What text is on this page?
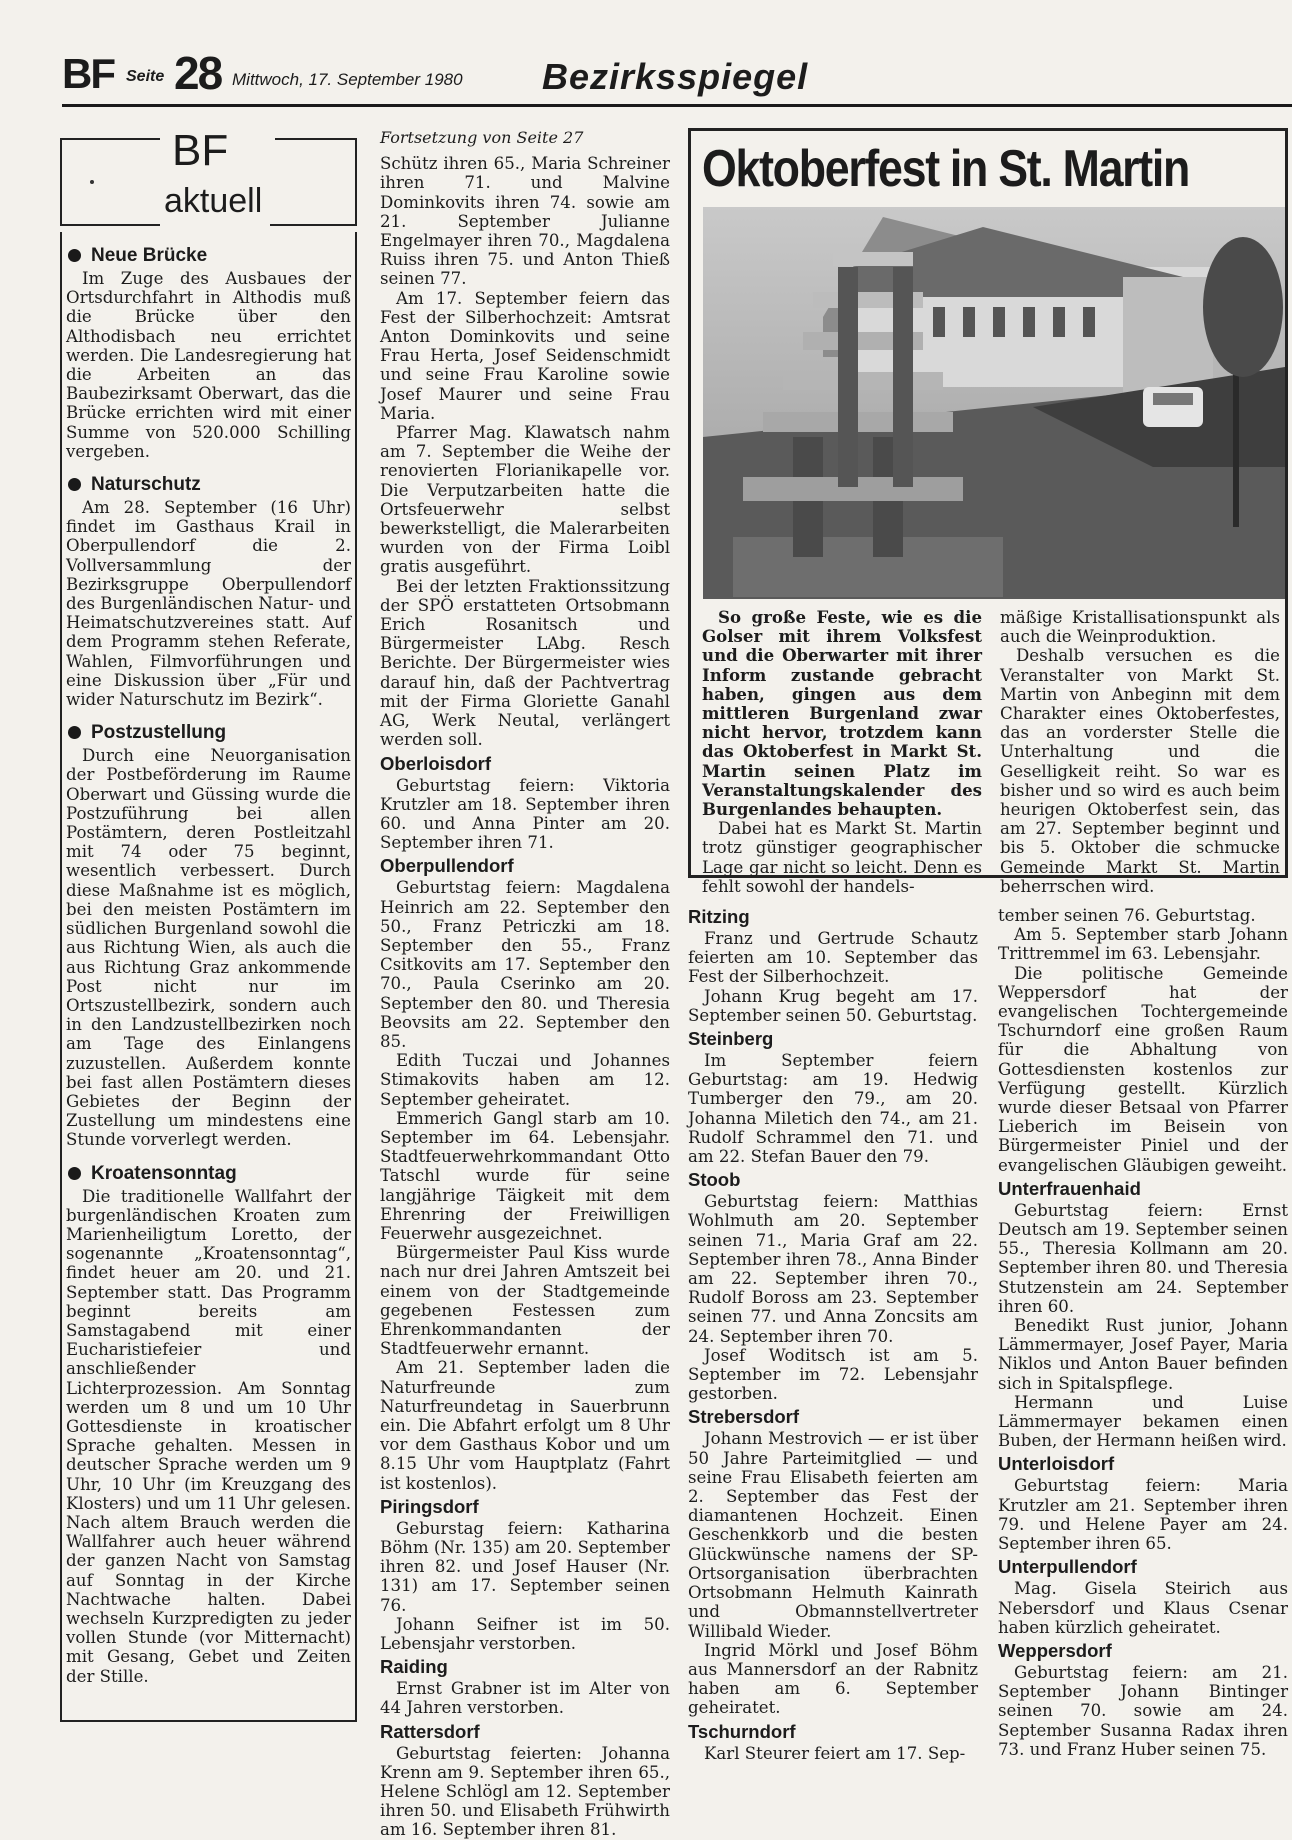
BF Seite 28 Mittwoch, 17. September 1980 Bezirksspiegel
BF
aktuell
Neue Brücke

Im Zuge des Ausbaues der Ortsdurchfahrt in Althodis muß die Brücke über den Althodisbach neu errichtet werden. Die Landesregierung hat die Arbeiten an das Baubezirksamt Oberwart, das die Brücke errichten wird mit einer Summe von 520.000 Schilling vergeben.

Naturschutz

Am 28. September (16 Uhr) findet im Gasthaus Krail in Oberpullendorf die 2. Vollversammlung der Bezirksgruppe Oberpullendorf des Burgenländischen Natur- und Heimatschutzvereines statt. Auf dem Programm stehen Referate, Wahlen, Filmvorführungen und eine Diskussion über „Für und wider Naturschutz im Bezirk“.

Postzustellung

Durch eine Neuorganisation der Postbeförderung im Raume Oberwart und Güssing wurde die Postzuführung bei allen Postämtern, deren Postleitzahl mit 74 oder 75 beginnt, wesentlich verbessert. Durch diese Maßnahme ist es möglich, bei den meisten Postämtern im südlichen Burgenland sowohl die aus Richtung Wien, als auch die aus Richtung Graz ankommende Post nicht nur im Ortszustellbezirk, sondern auch in den Landzustellbezirken noch am Tage des Einlangens zuzustellen. Außerdem konnte bei fast allen Postämtern dieses Gebietes der Beginn der Zustellung um mindestens eine Stunde vorverlegt werden.

Kroatensonntag

Die traditionelle Wallfahrt der burgenländischen Kroaten zum Marienheiligtum Loretto, der sogenannte „Kroatensonntag“, findet heuer am 20. und 21. September statt. Das Programm beginnt bereits am Samstagabend mit einer Eucharistiefeier und anschließender Lichterprozession. Am Sonntag werden um 8 und um 10 Uhr Gottesdienste in kroatischer Sprache gehalten. Messen in deutscher Sprache werden um 9 Uhr, 10 Uhr (im Kreuzgang des Klosters) und um 11 Uhr gelesen. Nach altem Brauch werden die Wallfahrer auch heuer während der ganzen Nacht von Samstag auf Sonntag in der Kirche Nachtwache halten. Dabei wechseln Kurzpredigten zu jeder vollen Stunde (vor Mitternacht) mit Gesang, Gebet und Zeiten der Stille.

Fortsetzung von Seite 27

Schütz ihren 65., Maria Schreiner ihren 71. und Malvine Dominkovits ihren 74. sowie am 21. September Julianne Engelmayer ihren 70., Magdalena Ruiss ihren 75. und Anton Thieß seinen 77.

Am 17. September feiern das Fest der Silberhochzeit: Amtsrat Anton Dominkovits und seine Frau Herta, Josef Seidenschmidt und seine Frau Karoline sowie Josef Maurer und seine Frau Maria.

Pfarrer Mag. Klawatsch nahm am 7. September die Weihe der renovierten Florianikapelle vor. Die Verputzarbeiten hatte die Ortsfeuerwehr selbst bewerkstelligt, die Malerarbeiten wurden von der Firma Loibl gratis ausgeführt.

Bei der letzten Fraktionssitzung der SPÖ erstatteten Ortsobmann Erich Rosanitsch und Bürgermeister LAbg. Resch Berichte. Der Bürgermeister wies darauf hin, daß der Pachtvertrag mit der Firma Gloriette Ganahl AG, Werk Neutal, verlängert werden soll.

Oberloisdorf

Geburtstag feiern: Viktoria Krutzler am 18. September ihren 60. und Anna Pinter am 20. September ihren 71.

Oberpullendorf

Geburtstag feiern: Magdalena Heinrich am 22. September den 50., Franz Petriczki am 18. September den 55., Franz Csitkovits am 17. September den 70., Paula Cserinko am 20. September den 80. und Theresia Beovsits am 22. September den 85.

Edith Tuczai und Johannes Stimakovits haben am 12. September geheiratet.

Emmerich Gangl starb am 10. September im 64. Lebensjahr. Stadtfeuerwehrkommandant Otto Tatschl wurde für seine langjährige Täigkeit mit dem Ehrenring der Freiwilligen Feuerwehr ausgezeichnet.

Bürgermeister Paul Kiss wurde nach nur drei Jahren Amtszeit bei einem von der Stadtgemeinde gegebenen Festessen zum Ehrenkommandanten der Stadtfeuerwehr ernannt.

Am 21. September laden die Naturfreunde zum Naturfreundetag in Sauerbrunn ein. Die Abfahrt erfolgt um 8 Uhr vor dem Gasthaus Kobor und um 8.15 Uhr vom Hauptplatz (Fahrt ist kostenlos).

Piringsdorf

Geburstag feiern: Katharina Böhm (Nr. 135) am 20. September ihren 82. und Josef Hauser (Nr. 131) am 17. September seinen 76.

Johann Seifner ist im 50. Lebensjahr verstorben.

Raiding

Ernst Grabner ist im Alter von 44 Jahren verstorben.

Rattersdorf

Geburtstag feierten: Johanna Krenn am 9. September ihren 65., Helene Schlögl am 12. September ihren 50. und Elisabeth Frühwirth am 16. September ihren 81.

Oktoberfest in St. Martin

So große Feste, wie es die Golser mit ihrem Volksfest und die Oberwarter mit ihrer Inform zustande gebracht haben, gingen aus dem mittleren Burgenland zwar nicht hervor, trotzdem kann das Oktoberfest in Markt St. Martin seinen Platz im Veranstaltungskalender des Burgenlandes behaupten.

Dabei hat es Markt St. Martin trotz günstiger geographischer Lage gar nicht so leicht. Denn es fehlt sowohl der handels-

mäßige Kristallisationspunkt als auch die Weinproduktion.

Deshalb versuchen es die Veranstalter von Markt St. Martin von Anbeginn mit dem Charakter eines Oktoberfestes, das an vorderster Stelle die Unterhaltung und die Geselligkeit reiht. So war es bisher und so wird es auch beim heurigen Oktoberfest sein, das am 27. September beginnt und bis 5. Oktober die schmucke Gemeinde Markt St. Martin beherrschen wird.

Ritzing

Franz und Gertrude Schautz feierten am 10. September das Fest der Silberhochzeit.

Johann Krug begeht am 17. September seinen 50. Geburtstag.

Steinberg

Im September feiern Geburtstag: am 19. Hedwig Tumberger den 79., am 20. Johanna Miletich den 74., am 21. Rudolf Schrammel den 71. und am 22. Stefan Bauer den 79.

Stoob

Geburtstag feiern: Matthias Wohlmuth am 20. September seinen 71., Maria Graf am 22. September ihren 78., Anna Binder am 22. September ihren 70., Rudolf Boross am 23. September seinen 77. und Anna Zoncsits am 24. September ihren 70.

Josef Woditsch ist am 5. September im 72. Lebensjahr gestorben.

Strebersdorf

Johann Mestrovich — er ist über 50 Jahre Parteimitglied — und seine Frau Elisabeth feierten am 2. September das Fest der diamantenen Hochzeit. Einen Geschenkkorb und die besten Glückwünsche namens der SP-Ortsorganisation überbrachten Ortsobmann Helmuth Kainrath und Obmannstellvertreter Willibald Wieder.

Ingrid Mörkl und Josef Böhm aus Mannersdorf an der Rabnitz haben am 6. September geheiratet.

Tschurndorf

Karl Steurer feiert am 17. Sep-

tember seinen 76. Geburtstag.

Am 5. September starb Johann Trittremmel im 63. Lebensjahr.

Die politische Gemeinde Weppersdorf hat der evangelischen Tochtergemeinde Tschurndorf eine großen Raum für die Abhaltung von Gottesdiensten kostenlos zur Verfügung gestellt. Kürzlich wurde dieser Betsaal von Pfarrer Lieberich im Beisein von Bürgermeister Piniel und der evangelischen Gläubigen geweiht.

Unterfrauenhaid

Geburtstag feiern: Ernst Deutsch am 19. September seinen 55., Theresia Kollmann am 20. September ihren 80. und Theresia Stutzenstein am 24. September ihren 60.

Benedikt Rust junior, Johann Lämmermayer, Josef Payer, Maria Niklos und Anton Bauer befinden sich in Spitalspflege.

Hermann und Luise Lämmermayer bekamen einen Buben, der Hermann heißen wird.

Unterloisdorf

Geburtstag feiern: Maria Krutzler am 21. September ihren 79. und Helene Payer am 24. September ihren 65.

Unterpullendorf

Mag. Gisela Steirich aus Nebersdorf und Klaus Csenar haben kürzlich geheiratet.

Weppersdorf

Geburtstag feiern: am 21. September Johann Bintinger seinen 70. sowie am 24. September Susanna Radax ihren 73. und Franz Huber seinen 75.
